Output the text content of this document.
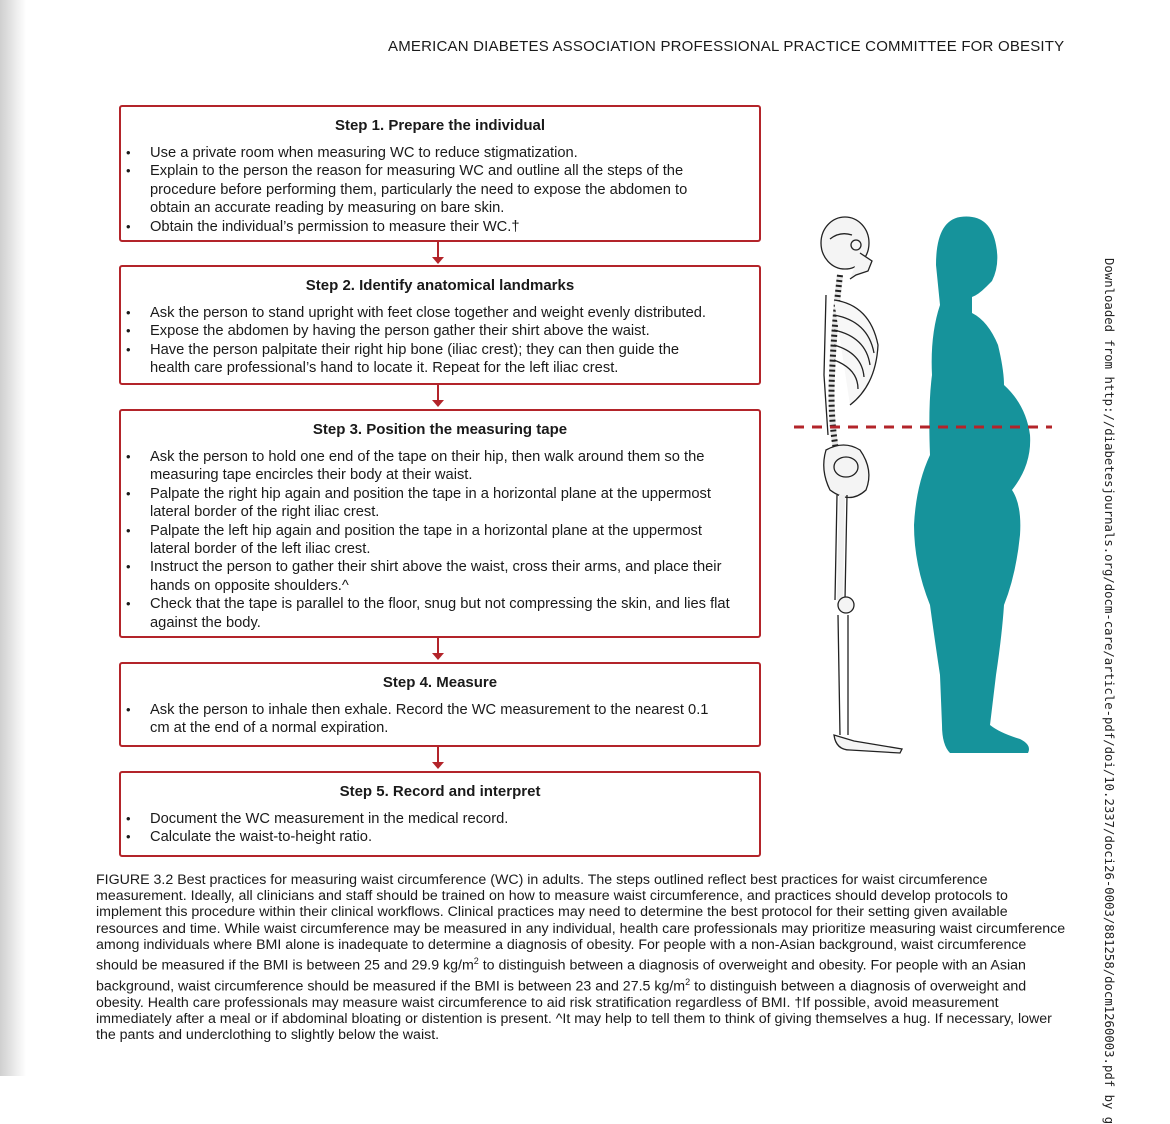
AMERICAN DIABETES ASSOCIATION PROFESSIONAL PRACTICE COMMITTEE FOR OBESITY
Step 1. Prepare the individual
• Use a private room when measuring WC to reduce stigmatization.
• Explain to the person the reason for measuring WC and outline all the steps of the procedure before performing them, particularly the need to expose the abdomen to obtain an accurate reading by measuring on bare skin.
• Obtain the individual’s permission to measure their WC.†
Step 2. Identify anatomical landmarks
• Ask the person to stand upright with feet close together and weight evenly distributed.
• Expose the abdomen by having the person gather their shirt above the waist.
• Have the person palpitate their right hip bone (iliac crest); they can then guide the health care professional’s hand to locate it. Repeat for the left iliac crest.
Step 3. Position the measuring tape
• Ask the person to hold one end of the tape on their hip, then walk around them so the measuring tape encircles their body at their waist.
• Palpate the right hip again and position the tape in a horizontal plane at the uppermost lateral border of the right iliac crest.
• Palpate the left hip again and position the tape in a horizontal plane at the uppermost lateral border of the left iliac crest.
• Instruct the person to gather their shirt above the waist, cross their arms, and place their hands on opposite shoulders.^
• Check that the tape is parallel to the floor, snug but not compressing the skin, and lies flat against the body.
Step 4. Measure
• Ask the person to inhale then exhale. Record the WC measurement to the nearest 0.1 cm at the end of a normal expiration.
Step 5. Record and interpret
• Document the WC measurement in the medical record.
• Calculate the waist-to-height ratio.
FIGURE 3.2 Best practices for measuring waist circumference (WC) in adults. The steps outlined reflect best practices for waist circumference measurement. Ideally, all clinicians and staff should be trained on how to measure waist circumference, and practices should develop protocols to implement this procedure within their clinical workflows. Clinical practices may need to determine the best protocol for their setting given available resources and time. While waist circumference may be measured in any individual, health care professionals may prioritize measuring waist circumference among individuals where BMI alone is inadequate to determine a diagnosis of obesity. For people with a non-Asian background, waist circumference should be measured if the BMI is between 25 and 29.9 $kg/m^2$ to distinguish between a diagnosis of overweight and obesity. For people with an Asian background, waist circumference should be measured if the BMI is between 23 and 27.5 $kg/m^2$ to distinguish between a diagnosis of overweight and obesity. Health care professionals may measure waist circumference to aid risk stratification regardless of BMI. †If possible, avoid measurement immediately after a meal or if abdominal bloating or distention is present. ^It may help to tell them to think of giving themselves a hug. If necessary, lower the pants and underclothing to slightly below the waist.	Downloaded from http://diabetesjournals.org/docm-care/article-pdf/doi/10.2337/doci26-0003/881258/docm1260003.pdf by g
